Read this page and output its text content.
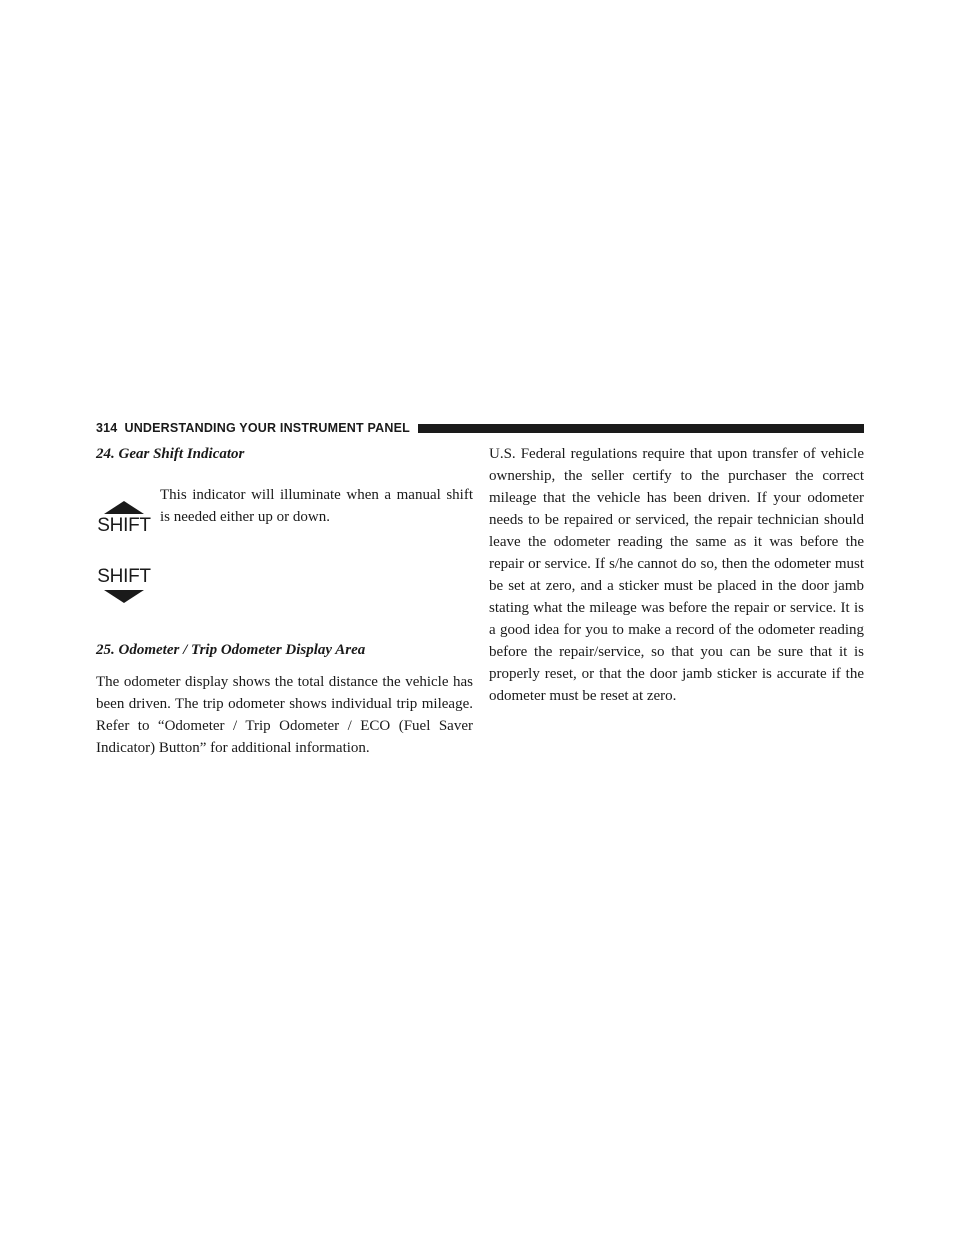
314 UNDERSTANDING YOUR INSTRUMENT PANEL
24. Gear Shift Indicator
SHIFT
SHIFT

This indicator will illuminate when a manual shift is needed either up or down.

25. Odometer / Trip Odometer Display Area

The odometer display shows the total distance the vehicle has been driven. The trip odometer shows individual trip mileage. Refer to “Odometer / Trip Odometer / ECO (Fuel Saver Indicator) Button” for additional information.

U.S. Federal regulations require that upon transfer of vehicle ownership, the seller certify to the purchaser the correct mileage that the vehicle has been driven. If your odometer needs to be repaired or serviced, the repair technician should leave the odometer reading the same as it was before the repair or service. If s/he cannot do so, then the odometer must be set at zero, and a sticker must be placed in the door jamb stating what the mileage was before the repair or service. It is a good idea for you to make a record of the odometer reading before the repair/service, so that you can be sure that it is properly reset, or that the door jamb sticker is accurate if the odometer must be reset at zero.
